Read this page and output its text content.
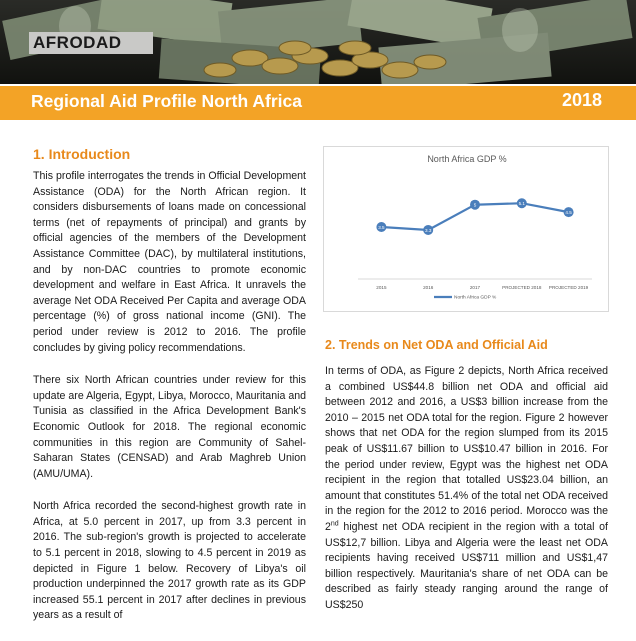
AFRODAD
Regional Aid Profile North Africa	2018
1. Introduction

This profile interrogates the trends in Official Development Assistance (ODA) for the North African region. It considers disbursements of loans made on concessional terms (net of repayments of principal) and grants by official agencies of the members of the Development Assistance Committee (DAC), by multilateral institutions, and by non-DAC countries to promote economic development and welfare in East Africa. It unravels the average Net ODA Received Per Capita and average ODA percentage (%) of gross national income (GNI). The period under review is 2012 to 2016. The profile concludes by giving policy recommendations.

There six North African countries under review for this update are Algeria, Egypt, Libya, Morocco, Mauritania and Tunisia as classified in the Africa Development Bank's Economic Outlook for 2018. The regional economic communities in this region are Community of Sahel-Saharan States (CENSAD) and Arab Maghreb Union (AMU/UMA).

North Africa recorded the second-highest growth rate in Africa, at 5.0 percent in 2017, up from 3.3 percent in 2016. The sub-region's growth is projected to accelerate to 5.1 percent in 2018, slowing to 4.5 percent in 2019 as depicted in Figure 1 below. Recovery of Libya's oil production underpinned the 2017 growth rate as its GDP increased 55.1 percent in 2017 after declines in previous years as a result of

North Africa GDP %
2015	2016	2017	PROJECTED 2018 PROJECTED 2019
3.5
3.3
5	5.1
4.5
North Africa GDP %
2. Trends on Net ODA and Official Aid

In terms of ODA, as Figure 2 depicts, North Africa received a combined US$44.8 billion net ODA and official aid between 2012 and 2016, a US$3 billion increase from the 2010 – 2015 net ODA total for the region. Figure 2 however shows that net ODA for the region slumped from its 2015 peak of US$11.67 billion to US$10.47 billion in 2016. For the period under review, Egypt was the highest net ODA recipient in the region that totalled US$23.04 billion, an amount that constitutes 51.4% of the total net ODA received in the region for the 2012 to 2016 period. Morocco was the 2nd highest net ODA recipient in the region with a total of US$12,7 billion. Libya and Algeria were the least net ODA recipients having received US$711 million and US$1,47 billion respectively. Mauritania's share of net ODA can be described as fairly steady ranging around the range of US$250
